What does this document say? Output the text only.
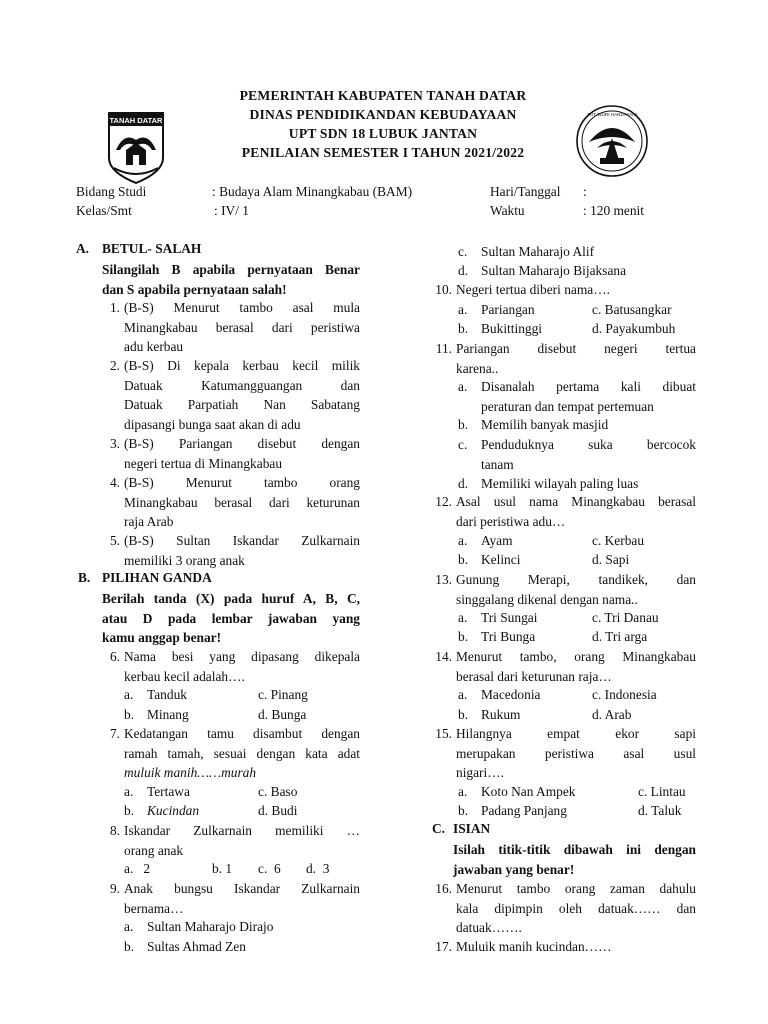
TANAH DATAR
TUT WURI HANDAYANI
PEMERINTAH KABUPATEN TANAH DATAR
DINAS PENDIDIKANDAN KEBUDAYAAN
UPT SDN 18 LUBUK JANTAN
PENILAIAN SEMESTER I TAHUN 2021/2022
Bidang Studi	: Budaya Alam Minangkabau (BAM)	Hari/Tanggal :
Kelas/Smt	: IV/ 1	Waktu	: 120 menit
A. BETUL- SALAH
Silangilah B apabila pernyataan Benar
dan S apabila pernyataan salah!
1. (B-S) Menurut tambo asal mula
Minangkabau berasal dari peristiwa
adu kerbau
2. (B-S) Di kepala kerbau kecil milik
Datuak        Katumangguangan        dan
Datuak    Parpatiah    Nan    Sabatang
dipasangi bunga saat akan di adu
3. (B-S)      Pariangan      disebut      dengan
negeri tertua di Minangkabau
4. (B-S)        Menurut        tambo        orang
Minangkabau berasal dari keturunan
raja Arab
5. (B-S)    Sultan    Iskandar    Zulkarnain
memiliki 3 orang anak
B. PILIHAN GANDA
Berilah  tanda  (X)  pada  huruf  A,  B,  C,
atau  D  pada  lembar  jawaban  yang
kamu anggap benar!
6. Nama besi yang dipasang dikepala
kerbau kecil adalah….
a. Tanduk	c. Pinang
b. Minang	d. Bunga
7. Kedatangan tamu disambut dengan
ramah tamah, sesuai dengan kata adat
muluik manih……murah
a. Tertawa	c. Baso
b. Kucindan	d. Budi
8. Iskandar   Zulkarnain   memiliki   …
orang anak
a.   2	b. 1 c.  6 d.  3
9. Anak   bungsu   Iskandar   Zulkarnain
bernama…
a. Sultan Maharajo Dirajo
b. Sultas Ahmad Zen
c. Sultan Maharajo Alif
d. Sultan Maharajo Bijaksana
10. Negeri tertua diberi nama….
a. Pariangan	c. Batusangkar
b. Bukittinggi	d. Payakumbuh
11. Pariangan       disebut       negeri       tertua
karena..
a. Disanalah  pertama  kali  dibuat
peraturan dan tempat pertemuan
b. Memilih banyak masjid
c. Penduduknya        suka        bercocok
tanam
d. Memiliki wilayah paling luas
12. Asal usul nama Minangkabau berasal
dari peristiwa adu…
a. Ayam	c. Kerbau
b. Kelinci	d. Sapi
13. Gunung     Merapi,     tandikek,     dan
singgalang dikenal dengan nama..
a. Tri Sungai	c. Tri Danau
b. Tri Bunga	d. Tri arga
14. Menurut tambo, orang Minangkabau
berasal dari keturunan raja…
a. Macedonia	c. Indonesia
b. Rukum	d. Arab
15. Hilangnya        empat        ekor        sapi
merupakan        peristiwa        asal        usul
nigari….
a. Koto Nan Ampek	c. Lintau
b. Padang Panjang	d. Taluk
C. ISIAN
Isilah  titik-titik  dibawah  ini  dengan
jawaban yang benar!
16. Menurut  tambo  orang  zaman  dahulu
kala  dipimpin  oleh  datuak……  dan
datuak…….
17. Muluik manih kucindan……
